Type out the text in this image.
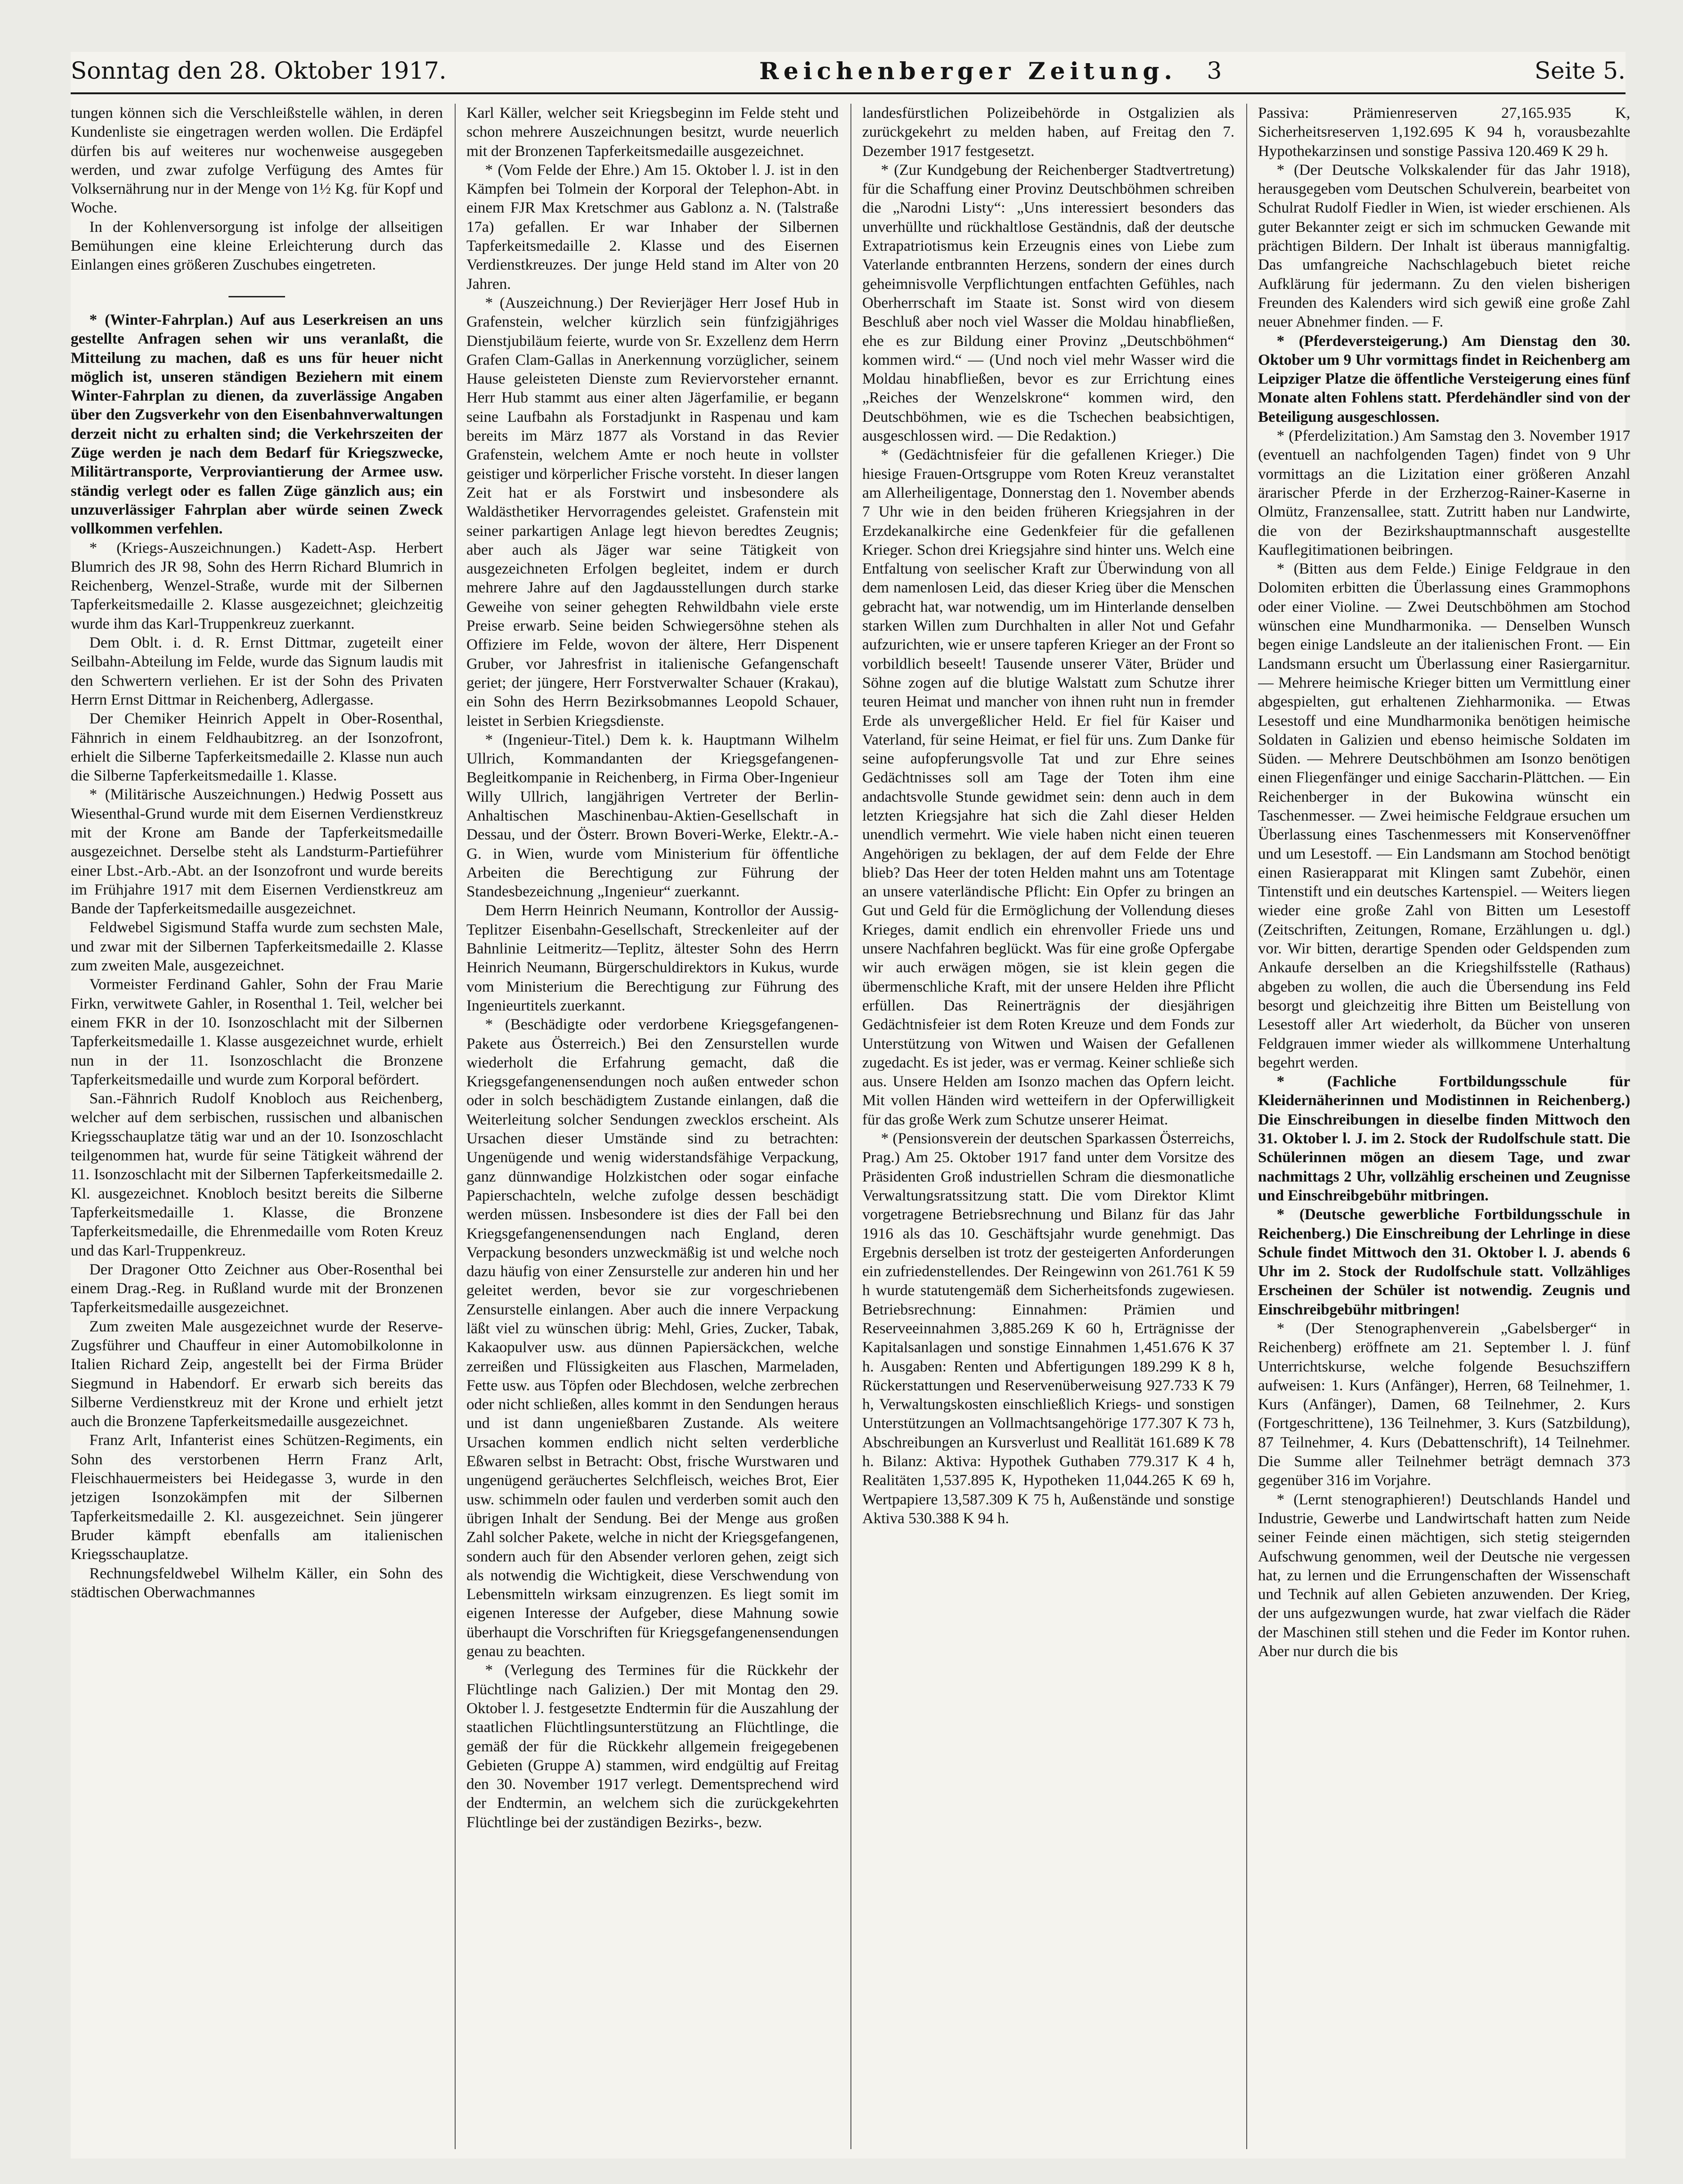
Sonntag den 28. Oktober 1917.	Reichenberger Zeitung. 3	Seite 5.

tungen können sich die Verschleißstelle wählen, in deren Kundenliste sie eingetragen werden wollen. Die Erdäpfel dürfen bis auf weiteres nur wochenweise ausgegeben werden, und zwar zufolge Verfügung des Amtes für Volksernährung nur in der Menge von 1½ Kg. für Kopf und Woche.

In der Kohlenversorgung ist infolge der allseitigen Bemühungen eine kleine Erleichterung durch das Einlangen eines größeren Zuschubes eingetreten.

* (Winter-Fahrplan.) Auf aus Leserkreisen an uns gestellte Anfragen sehen wir uns veranlaßt, die Mitteilung zu machen, daß es uns für heuer nicht möglich ist, unseren ständigen Beziehern mit einem Winter-Fahrplan zu dienen, da zuverlässige Angaben über den Zugsverkehr von den Eisenbahnverwaltungen derzeit nicht zu erhalten sind; die Verkehrszeiten der Züge werden je nach dem Bedarf für Kriegszwecke, Militärtransporte, Verproviantierung der Armee usw. ständig verlegt oder es fallen Züge gänzlich aus; ein unzuverlässiger Fahrplan aber würde seinen Zweck vollkommen verfehlen.

* (Kriegs-Auszeichnungen.) Kadett-Asp. Herbert Blumrich des JR 98, Sohn des Herrn Richard Blumrich in Reichenberg, Wenzel-Straße, wurde mit der Silbernen Tapferkeitsmedaille 2. Klasse ausgezeichnet; gleichzeitig wurde ihm das Karl-Truppenkreuz zuerkannt.

Dem Oblt. i. d. R. Ernst Dittmar, zugeteilt einer Seilbahn-Abteilung im Felde, wurde das Signum laudis mit den Schwertern verliehen. Er ist der Sohn des Privaten Herrn Ernst Dittmar in Reichenberg, Adlergasse.

Der Chemiker Heinrich Appelt in Ober-Rosenthal, Fähnrich in einem Feldhaubitzreg. an der Isonzofront, erhielt die Silberne Tapferkeitsmedaille 2. Klasse nun auch die Silberne Tapferkeitsmedaille 1. Klasse.

* (Militärische Auszeichnungen.) Hedwig Possett aus Wiesenthal-Grund wurde mit dem Eisernen Verdienstkreuz mit der Krone am Bande der Tapferkeitsmedaille ausgezeichnet. Derselbe steht als Landsturm-Partieführer einer Lbst.-Arb.-Abt. an der Isonzofront und wurde bereits im Frühjahre 1917 mit dem Eisernen Verdienstkreuz am Bande der Tapferkeitsmedaille ausgezeichnet.

Feldwebel Sigismund Staffa wurde zum sechsten Male, und zwar mit der Silbernen Tapferkeitsmedaille 2. Klasse zum zweiten Male, ausgezeichnet.

Vormeister Ferdinand Gahler, Sohn der Frau Marie Firkn, verwitwete Gahler, in Rosenthal 1. Teil, welcher bei einem FKR in der 10. Isonzoschlacht mit der Silbernen Tapferkeitsmedaille 1. Klasse ausgezeichnet wurde, erhielt nun in der 11. Isonzoschlacht die Bronzene Tapferkeitsmedaille und wurde zum Korporal befördert.

San.-Fähnrich Rudolf Knobloch aus Reichenberg, welcher auf dem serbischen, russischen und albanischen Kriegsschauplatze tätig war und an der 10. Isonzoschlacht teilgenommen hat, wurde für seine Tätigkeit während der 11. Isonzoschlacht mit der Silbernen Tapferkeitsmedaille 2. Kl. ausgezeichnet. Knobloch besitzt bereits die Silberne Tapferkeitsmedaille 1. Klasse, die Bronzene Tapferkeitsmedaille, die Ehrenmedaille vom Roten Kreuz und das Karl-Truppenkreuz.

Der Dragoner Otto Zeichner aus Ober-Rosenthal bei einem Drag.-Reg. in Rußland wurde mit der Bronzenen Tapferkeitsmedaille ausgezeichnet.

Zum zweiten Male ausgezeichnet wurde der Reserve-Zugsführer und Chauffeur in einer Automobilkolonne in Italien Richard Zeip, angestellt bei der Firma Brüder Siegmund in Habendorf. Er erwarb sich bereits das Silberne Verdienstkreuz mit der Krone und erhielt jetzt auch die Bronzene Tapferkeitsmedaille ausgezeichnet.

Franz Arlt, Infanterist eines Schützen-Regiments, ein Sohn des verstorbenen Herrn Franz Arlt, Fleischhauermeisters bei Heidegasse 3, wurde in den jetzigen Isonzokämpfen mit der Silbernen Tapferkeitsmedaille 2. Kl. ausgezeichnet. Sein jüngerer Bruder kämpft ebenfalls am italienischen Kriegsschauplatze.

Rechnungsfeldwebel Wilhelm Käller, ein Sohn des städtischen Oberwachmannes

Karl Käller, welcher seit Kriegsbeginn im Felde steht und schon mehrere Auszeichnungen besitzt, wurde neuerlich mit der Bronzenen Tapferkeitsmedaille ausgezeichnet.

* (Vom Felde der Ehre.) Am 15. Oktober l. J. ist in den Kämpfen bei Tolmein der Korporal der Telephon-Abt. in einem FJR Max Kretschmer aus Gablonz a. N. (Talstraße 17a) gefallen. Er war Inhaber der Silbernen Tapferkeitsmedaille 2. Klasse und des Eisernen Verdienstkreuzes. Der junge Held stand im Alter von 20 Jahren.

* (Auszeichnung.) Der Revierjäger Herr Josef Hub in Grafenstein, welcher kürzlich sein fünfzigjähriges Dienstjubiläum feierte, wurde von Sr. Exzellenz dem Herrn Grafen Clam-Gallas in Anerkennung vorzüglicher, seinem Hause geleisteten Dienste zum Reviervorsteher ernannt. Herr Hub stammt aus einer alten Jägerfamilie, er begann seine Laufbahn als Forstadjunkt in Raspenau und kam bereits im März 1877 als Vorstand in das Revier Grafenstein, welchem Amte er noch heute in vollster geistiger und körperlicher Frische vorsteht. In dieser langen Zeit hat er als Forstwirt und insbesondere als Waldästhetiker Hervorragendes geleistet. Grafenstein mit seiner parkartigen Anlage legt hievon beredtes Zeugnis; aber auch als Jäger war seine Tätigkeit von ausgezeichneten Erfolgen begleitet, indem er durch mehrere Jahre auf den Jagdausstellungen durch starke Geweihe von seiner gehegten Rehwildbahn viele erste Preise erwarb. Seine beiden Schwiegersöhne stehen als Offiziere im Felde, wovon der ältere, Herr Dispenent Gruber, vor Jahresfrist in italienische Gefangenschaft geriet; der jüngere, Herr Forstverwalter Schauer (Krakau), ein Sohn des Herrn Bezirksobmannes Leopold Schauer, leistet in Serbien Kriegsdienste.

* (Ingenieur-Titel.) Dem k. k. Hauptmann Wilhelm Ullrich, Kommandanten der Kriegsgefangenen-Begleitkompanie in Reichenberg, in Firma Ober-Ingenieur Willy Ullrich, langjährigen Vertreter der Berlin-Anhaltischen Maschinenbau-Aktien-Gesellschaft in Dessau, und der Österr. Brown Boveri-Werke, Elektr.-A.-G. in Wien, wurde vom Ministerium für öffentliche Arbeiten die Berechtigung zur Führung der Standesbezeichnung „Ingenieur“ zuerkannt.

Dem Herrn Heinrich Neumann, Kontrollor der Aussig-Teplitzer Eisenbahn-Gesellschaft, Streckenleiter auf der Bahnlinie Leitmeritz—Teplitz, ältester Sohn des Herrn Heinrich Neumann, Bürgerschuldirektors in Kukus, wurde vom Ministerium die Berechtigung zur Führung des Ingenieurtitels zuerkannt.

* (Beschädigte oder verdorbene Kriegsgefangenen-Pakete aus Österreich.) Bei den Zensurstellen wurde wiederholt die Erfahrung gemacht, daß die Kriegsgefangenensendungen noch außen entweder schon oder in solch beschädigtem Zustande einlangen, daß die Weiterleitung solcher Sendungen zwecklos erscheint. Als Ursachen dieser Umstände sind zu betrachten: Ungenügende und wenig widerstandsfähige Verpackung, ganz dünnwandige Holzkistchen oder sogar einfache Papierschachteln, welche zufolge dessen beschädigt werden müssen. Insbesondere ist dies der Fall bei den Kriegsgefangenensendungen nach England, deren Verpackung besonders unzweckmäßig ist und welche noch dazu häufig von einer Zensurstelle zur anderen hin und her geleitet werden, bevor sie zur vorgeschriebenen Zensurstelle einlangen. Aber auch die innere Verpackung läßt viel zu wünschen übrig: Mehl, Gries, Zucker, Tabak, Kakaopulver usw. aus dünnen Papiersäckchen, welche zerreißen und Flüssigkeiten aus Flaschen, Marmeladen, Fette usw. aus Töpfen oder Blechdosen, welche zerbrechen oder nicht schließen, alles kommt in den Sendungen heraus und ist dann ungenießbaren Zustande. Als weitere Ursachen kommen endlich nicht selten verderbliche Eßwaren selbst in Betracht: Obst, frische Wurstwaren und ungenügend geräuchertes Selchfleisch, weiches Brot, Eier usw. schimmeln oder faulen und verderben somit auch den übrigen Inhalt der Sendung. Bei der Menge aus großen Zahl solcher Pakete, welche in nicht der Kriegsgefangenen, sondern auch für den Absender verloren gehen, zeigt sich als notwendig die Wichtigkeit, diese Verschwendung von Lebensmitteln wirksam einzugrenzen. Es liegt somit im eigenen Interesse der Aufgeber, diese Mahnung sowie überhaupt die Vorschriften für Kriegsgefangenensendungen genau zu beachten.

* (Verlegung des Termines für die Rückkehr der Flüchtlinge nach Galizien.) Der mit Montag den 29. Oktober l. J. festgesetzte Endtermin für die Auszahlung der staatlichen Flüchtlingsunterstützung an Flüchtlinge, die gemäß der für die Rückkehr allgemein freigegebenen Gebieten (Gruppe A) stammen, wird endgültig auf Freitag den 30. November 1917 verlegt. Dementsprechend wird der Endtermin, an welchem sich die zurückgekehrten Flüchtlinge bei der zuständigen Bezirks-, bezw.

landesfürstlichen Polizeibehörde in Ostgalizien als zurückgekehrt zu melden haben, auf Freitag den 7. Dezember 1917 festgesetzt.

* (Zur Kundgebung der Reichenberger Stadtvertretung) für die Schaffung einer Provinz Deutschböhmen schreiben die „Narodni Listy“: „Uns interessiert besonders das unverhüllte und rückhaltlose Geständnis, daß der deutsche Extrapatriotismus kein Erzeugnis eines von Liebe zum Vaterlande entbrannten Herzens, sondern der eines durch geheimnisvolle Verpflichtungen entfachten Gefühles, nach Oberherrschaft im Staate ist. Sonst wird von diesem Beschluß aber noch viel Wasser die Moldau hinabfließen, ehe es zur Bildung einer Provinz „Deutschböhmen“ kommen wird.“ — (Und noch viel mehr Wasser wird die Moldau hinabfließen, bevor es zur Errichtung eines „Reiches der Wenzelskrone“ kommen wird, den Deutschböhmen, wie es die Tschechen beabsichtigen, ausgeschlossen wird. — Die Redaktion.)

* (Gedächtnisfeier für die gefallenen Krieger.) Die hiesige Frauen-Ortsgruppe vom Roten Kreuz veranstaltet am Allerheiligentage, Donnerstag den 1. November abends 7 Uhr wie in den beiden früheren Kriegsjahren in der Erzdekanalkirche eine Gedenkfeier für die gefallenen Krieger. Schon drei Kriegsjahre sind hinter uns. Welch eine Entfaltung von seelischer Kraft zur Überwindung von all dem namenlosen Leid, das dieser Krieg über die Menschen gebracht hat, war notwendig, um im Hinterlande denselben starken Willen zum Durchhalten in aller Not und Gefahr aufzurichten, wie er unsere tapferen Krieger an der Front so vorbildlich beseelt! Tausende unserer Väter, Brüder und Söhne zogen auf die blutige Walstatt zum Schutze ihrer teuren Heimat und mancher von ihnen ruht nun in fremder Erde als unvergeßlicher Held. Er fiel für Kaiser und Vaterland, für seine Heimat, er fiel für uns. Zum Danke für seine aufopferungsvolle Tat und zur Ehre seines Gedächtnisses soll am Tage der Toten ihm eine andachtsvolle Stunde gewidmet sein: denn auch in dem letzten Kriegsjahre hat sich die Zahl dieser Helden unendlich vermehrt. Wie viele haben nicht einen teueren Angehörigen zu beklagen, der auf dem Felde der Ehre blieb? Das Heer der toten Helden mahnt uns am Totentage an unsere vaterländische Pflicht: Ein Opfer zu bringen an Gut und Geld für die Ermöglichung der Vollendung dieses Krieges, damit endlich ein ehrenvoller Friede uns und unsere Nachfahren beglückt. Was für eine große Opfergabe wir auch erwägen mögen, sie ist klein gegen die übermenschliche Kraft, mit der unsere Helden ihre Pflicht erfüllen. Das Reinerträgnis der diesjährigen Gedächtnisfeier ist dem Roten Kreuze und dem Fonds zur Unterstützung von Witwen und Waisen der Gefallenen zugedacht. Es ist jeder, was er vermag. Keiner schließe sich aus. Unsere Helden am Isonzo machen das Opfern leicht. Mit vollen Händen wird wetteifern in der Opferwilligkeit für das große Werk zum Schutze unserer Heimat.

* (Pensionsverein der deutschen Sparkassen Österreichs, Prag.) Am 25. Oktober 1917 fand unter dem Vorsitze des Präsidenten Groß industriellen Schram die diesmonatliche Verwaltungsratssitzung statt. Die vom Direktor Klimt vorgetragene Betriebsrechnung und Bilanz für das Jahr 1916 als das 10. Geschäftsjahr wurde genehmigt. Das Ergebnis derselben ist trotz der gesteigerten Anforderungen ein zufriedenstellendes. Der Reingewinn von 261.761 K 59 h wurde statutengemäß dem Sicherheitsfonds zugewiesen. Betriebsrechnung: Einnahmen: Prämien und Reserveeinnahmen 3,885.269 K 60 h, Erträgnisse der Kapitalsanlagen und sonstige Einnahmen 1,451.676 K 37 h. Ausgaben: Renten und Abfertigungen 189.299 K 8 h, Rückerstattungen und Reservenüberweisung 927.733 K 79 h, Verwaltungskosten einschließlich Kriegs- und sonstigen Unterstützungen an Vollmachtsangehörige 177.307 K 73 h, Abschreibungen an Kursverlust und Reallität 161.689 K 78 h. Bilanz: Aktiva: Hypothek Guthaben 779.317 K 4 h, Realitäten 1,537.895 K, Hypotheken 11,044.265 K 69 h, Wertpapiere 13,587.309 K 75 h, Außenstände und sonstige Aktiva 530.388 K 94 h.

Passiva: Prämienreserven 27,165.935 K, Sicherheitsreserven 1,192.695 K 94 h, vorausbezahlte Hypothekarzinsen und sonstige Passiva 120.469 K 29 h.

* (Der Deutsche Volkskalender für das Jahr 1918), herausgegeben vom Deutschen Schulverein, bearbeitet von Schulrat Rudolf Fiedler in Wien, ist wieder erschienen. Als guter Bekannter zeigt er sich im schmucken Gewande mit prächtigen Bildern. Der Inhalt ist überaus mannigfaltig. Das umfangreiche Nachschlagebuch bietet reiche Aufklärung für jedermann. Zu den vielen bisherigen Freunden des Kalenders wird sich gewiß eine große Zahl neuer Abnehmer finden. — F.

* (Pferdeversteigerung.) Am Dienstag den 30. Oktober um 9 Uhr vormittags findet in Reichenberg am Leipziger Platze die öffentliche Versteigerung eines fünf Monate alten Fohlens statt. Pferdehändler sind von der Beteiligung ausgeschlossen.

* (Pferdelizitation.) Am Samstag den 3. November 1917 (eventuell an nachfolgenden Tagen) findet von 9 Uhr vormittags an die Lizitation einer größeren Anzahl ärarischer Pferde in der Erzherzog-Rainer-Kaserne in Olmütz, Franzensallee, statt. Zutritt haben nur Landwirte, die von der Bezirkshauptmannschaft ausgestellte Kauflegitimationen beibringen.

* (Bitten aus dem Felde.) Einige Feldgraue in den Dolomiten erbitten die Überlassung eines Grammophons oder einer Violine. — Zwei Deutschböhmen am Stochod wünschen eine Mundharmonika. — Denselben Wunsch begen einige Landsleute an der italienischen Front. — Ein Landsmann ersucht um Überlassung einer Rasiergarnitur. — Mehrere heimische Krieger bitten um Vermittlung einer abgespielten, gut erhaltenen Ziehharmonika. — Etwas Lesestoff und eine Mundharmonika benötigen heimische Soldaten in Galizien und ebenso heimische Soldaten im Süden. — Mehrere Deutschböhmen am Isonzo benötigen einen Fliegenfänger und einige Saccharin-Plättchen. — Ein Reichenberger in der Bukowina wünscht ein Taschenmesser. — Zwei heimische Feldgraue ersuchen um Überlassung eines Taschenmessers mit Konservenöffner und um Lesestoff. — Ein Landsmann am Stochod benötigt einen Rasierapparat mit Klingen samt Zubehör, einen Tintenstift und ein deutsches Kartenspiel. — Weiters liegen wieder eine große Zahl von Bitten um Lesestoff (Zeitschriften, Zeitungen, Romane, Erzählungen u. dgl.) vor. Wir bitten, derartige Spenden oder Geldspenden zum Ankaufe derselben an die Kriegshilfsstelle (Rathaus) abgeben zu wollen, die auch die Übersendung ins Feld besorgt und gleichzeitig ihre Bitten um Beistellung von Lesestoff aller Art wiederholt, da Bücher von unseren Feldgrauen immer wieder als willkommene Unterhaltung begehrt werden.

* (Fachliche Fortbildungsschule für Kleidernäherinnen und Modistinnen in Reichenberg.) Die Einschreibungen in dieselbe finden Mittwoch den 31. Oktober l. J. im 2. Stock der Rudolfschule statt. Die Schülerinnen mögen an diesem Tage, und zwar nachmittags 2 Uhr, vollzählig erscheinen und Zeugnisse und Einschreibgebühr mitbringen.

* (Deutsche gewerbliche Fortbildungsschule in Reichenberg.) Die Einschreibung der Lehrlinge in diese Schule findet Mittwoch den 31. Oktober l. J. abends 6 Uhr im 2. Stock der Rudolfschule statt. Vollzähliges Erscheinen der Schüler ist notwendig. Zeugnis und Einschreibgebühr mitbringen!

* (Der Stenographenverein „Gabelsberger“ in Reichenberg) eröffnete am 21. September l. J. fünf Unterrichtskurse, welche folgende Besuchsziffern aufweisen: 1. Kurs (Anfänger), Herren, 68 Teilnehmer, 1. Kurs (Anfänger), Damen, 68 Teilnehmer, 2. Kurs (Fortgeschrittene), 136 Teilnehmer, 3. Kurs (Satzbildung), 87 Teilnehmer, 4. Kurs (Debattenschrift), 14 Teilnehmer. Die Summe aller Teilnehmer beträgt demnach 373 gegenüber 316 im Vorjahre.

* (Lernt stenographieren!) Deutschlands Handel und Industrie, Gewerbe und Landwirtschaft hatten zum Neide seiner Feinde einen mächtigen, sich stetig steigernden Aufschwung genommen, weil der Deutsche nie vergessen hat, zu lernen und die Errungenschaften der Wissenschaft und Technik auf allen Gebieten anzuwenden. Der Krieg, der uns aufgezwungen wurde, hat zwar vielfach die Räder der Maschinen still stehen und die Feder im Kontor ruhen. Aber nur durch die bis
